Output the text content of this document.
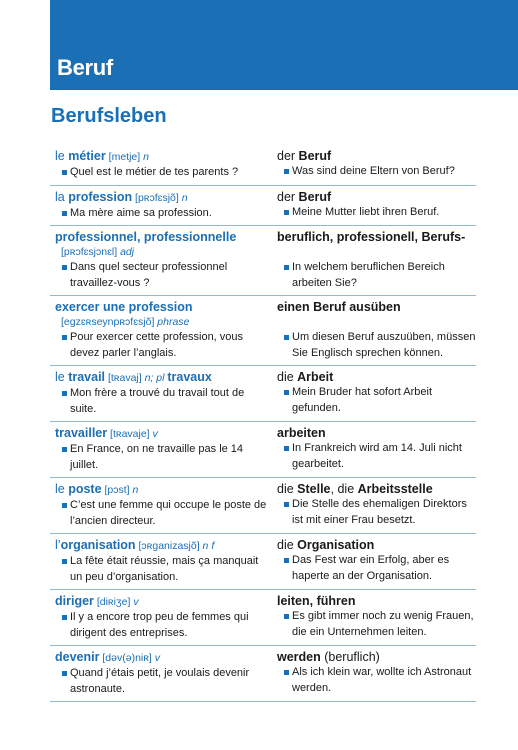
Beruf
Berufsleben
le métier [metje] n
Quel est le métier de tes parents ?
der Beruf
Was sind deine Eltern von Beruf?
la profession [pʀɔfɛsjõ] n
Ma mère aime sa profession.
der Beruf
Meine Mutter liebt ihren Beruf.
professionnel, professionnelle
[pʀɔfɛsjɔnɛl] adj
Dans quel secteur professionnel travaillez-vous ?
beruflich, professionell, Berufs-
In welchem beruflichen Bereich arbeiten Sie?
exercer une profession
[egzɛʀseynpʀɔfɛsjõ] phrase
Pour exercer cette profession, vous devez parler l’anglais.
einen Beruf ausüben
Um diesen Beruf auszuüben, müssen Sie Englisch sprechen können.
le travail [tʀavaj] n; pl travaux
Mon frère a trouvé du travail tout de suite.
die Arbeit
Mein Bruder hat sofort Arbeit gefunden.
travailler [tʀavaje] v
En France, on ne travaille pas le 14 juillet.
arbeiten
In Frankreich wird am 14. Juli nicht gearbeitet.
le poste [pɔst] n
C’est une femme qui occupe le poste de l’ancien directeur.
die Stelle, die Arbeitsstelle
Die Stelle des ehemaligen Direktors ist mit einer Frau besetzt.
l’organisation [ɔʀganizasjõ] n f
La fête était réussie, mais ça manquait un peu d’organisation.
die Organisation
Das Fest war ein Erfolg, aber es haperte an der Organisation.
diriger [diʀiʒe] v
Il y a encore trop peu de femmes qui dirigent des entreprises.
leiten, führen
Es gibt immer noch zu wenig Frauen, die ein Unternehmen leiten.
devenir [dəv(ə)niʀ] v
Quand j’étais petit, je voulais devenir astronaute.
werden (beruflich)
Als ich klein war, wollte ich Astronaut werden.
